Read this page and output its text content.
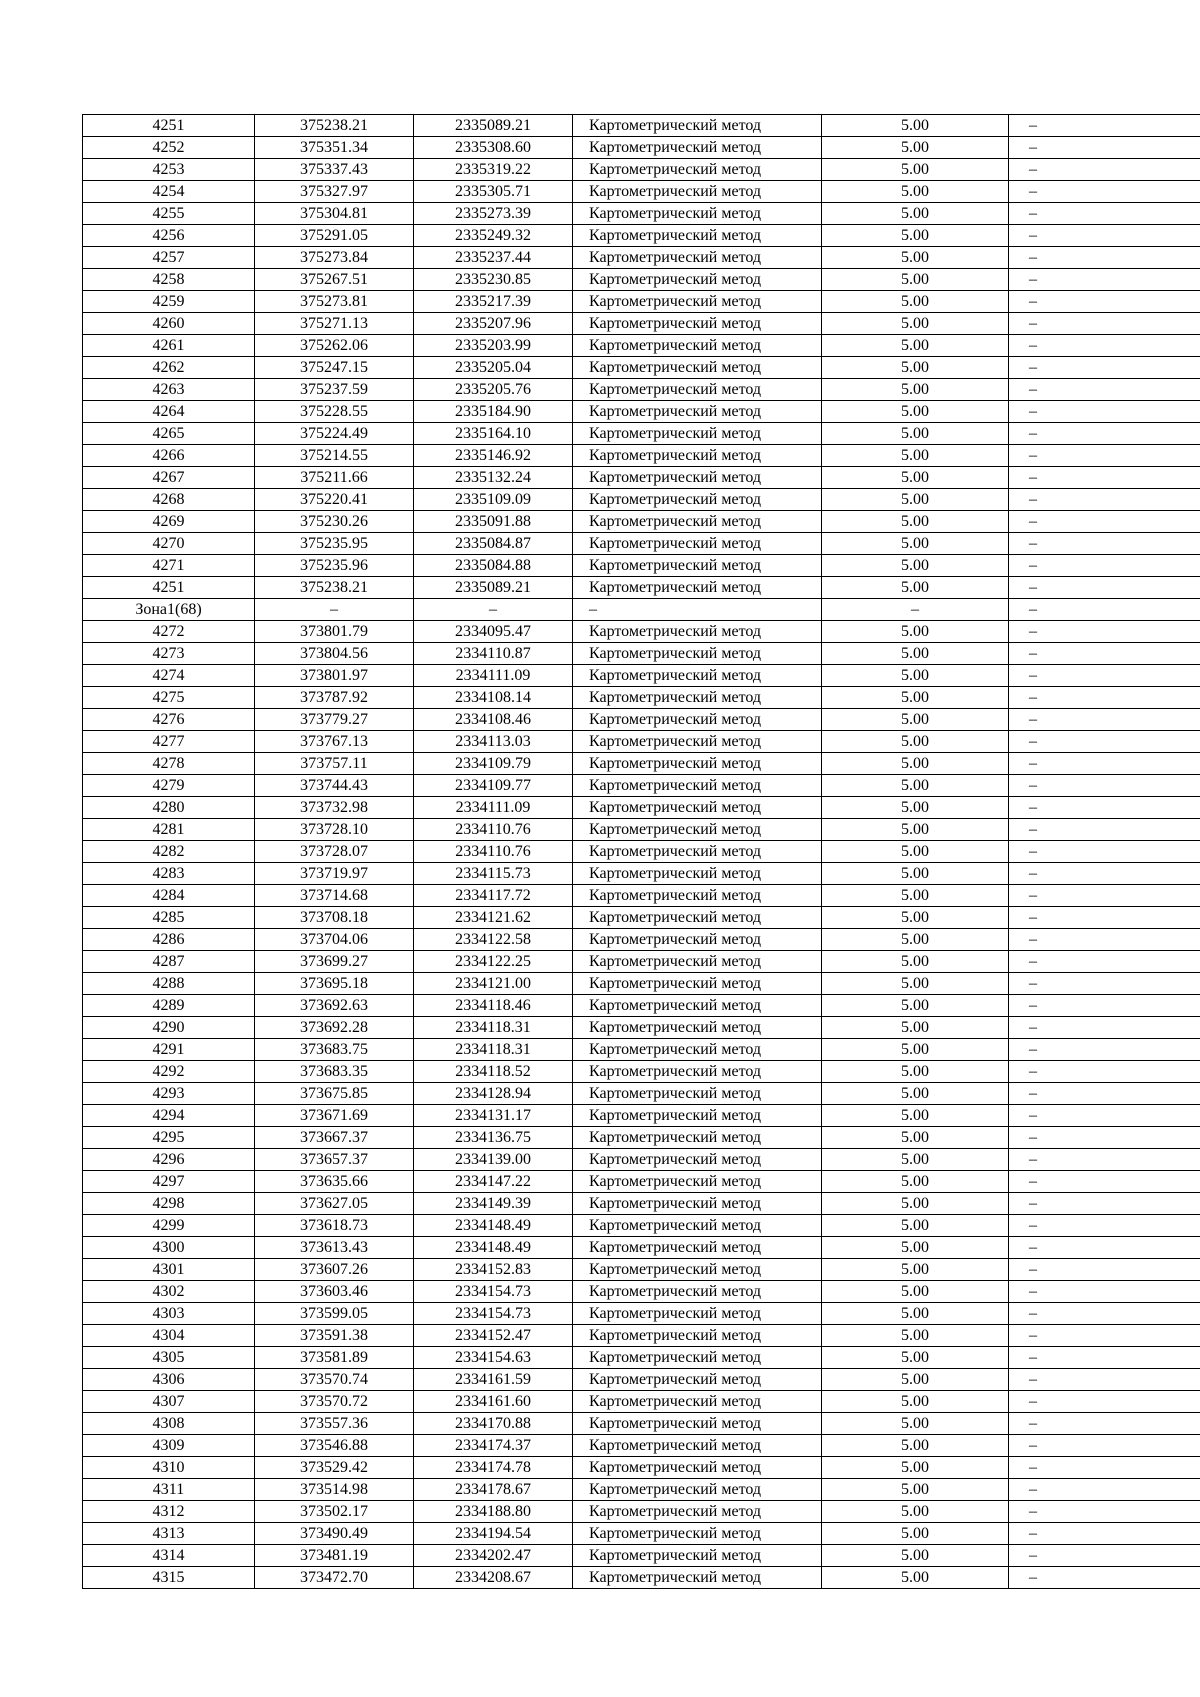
4251	375238.21	2335089.21	Картометрический метод	5.00	–
4252	375351.34	2335308.60	Картометрический метод	5.00	–
4253	375337.43	2335319.22	Картометрический метод	5.00	–
4254	375327.97	2335305.71	Картометрический метод	5.00	–
4255	375304.81	2335273.39	Картометрический метод	5.00	–
4256	375291.05	2335249.32	Картометрический метод	5.00	–
4257	375273.84	2335237.44	Картометрический метод	5.00	–
4258	375267.51	2335230.85	Картометрический метод	5.00	–
4259	375273.81	2335217.39	Картометрический метод	5.00	–
4260	375271.13	2335207.96	Картометрический метод	5.00	–
4261	375262.06	2335203.99	Картометрический метод	5.00	–
4262	375247.15	2335205.04	Картометрический метод	5.00	–
4263	375237.59	2335205.76	Картометрический метод	5.00	–
4264	375228.55	2335184.90	Картометрический метод	5.00	–
4265	375224.49	2335164.10	Картометрический метод	5.00	–
4266	375214.55	2335146.92	Картометрический метод	5.00	–
4267	375211.66	2335132.24	Картометрический метод	5.00	–
4268	375220.41	2335109.09	Картометрический метод	5.00	–
4269	375230.26	2335091.88	Картометрический метод	5.00	–
4270	375235.95	2335084.87	Картометрический метод	5.00	–
4271	375235.96	2335084.88	Картометрический метод	5.00	–
4251	375238.21	2335089.21	Картометрический метод	5.00	–
Зона1(68)	–	–	–	–	–
4272	373801.79	2334095.47	Картометрический метод	5.00	–
4273	373804.56	2334110.87	Картометрический метод	5.00	–
4274	373801.97	2334111.09	Картометрический метод	5.00	–
4275	373787.92	2334108.14	Картометрический метод	5.00	–
4276	373779.27	2334108.46	Картометрический метод	5.00	–
4277	373767.13	2334113.03	Картометрический метод	5.00	–
4278	373757.11	2334109.79	Картометрический метод	5.00	–
4279	373744.43	2334109.77	Картометрический метод	5.00	–
4280	373732.98	2334111.09	Картометрический метод	5.00	–
4281	373728.10	2334110.76	Картометрический метод	5.00	–
4282	373728.07	2334110.76	Картометрический метод	5.00	–
4283	373719.97	2334115.73	Картометрический метод	5.00	–
4284	373714.68	2334117.72	Картометрический метод	5.00	–
4285	373708.18	2334121.62	Картометрический метод	5.00	–
4286	373704.06	2334122.58	Картометрический метод	5.00	–
4287	373699.27	2334122.25	Картометрический метод	5.00	–
4288	373695.18	2334121.00	Картометрический метод	5.00	–
4289	373692.63	2334118.46	Картометрический метод	5.00	–
4290	373692.28	2334118.31	Картометрический метод	5.00	–
4291	373683.75	2334118.31	Картометрический метод	5.00	–
4292	373683.35	2334118.52	Картометрический метод	5.00	–
4293	373675.85	2334128.94	Картометрический метод	5.00	–
4294	373671.69	2334131.17	Картометрический метод	5.00	–
4295	373667.37	2334136.75	Картометрический метод	5.00	–
4296	373657.37	2334139.00	Картометрический метод	5.00	–
4297	373635.66	2334147.22	Картометрический метод	5.00	–
4298	373627.05	2334149.39	Картометрический метод	5.00	–
4299	373618.73	2334148.49	Картометрический метод	5.00	–
4300	373613.43	2334148.49	Картометрический метод	5.00	–
4301	373607.26	2334152.83	Картометрический метод	5.00	–
4302	373603.46	2334154.73	Картометрический метод	5.00	–
4303	373599.05	2334154.73	Картометрический метод	5.00	–
4304	373591.38	2334152.47	Картометрический метод	5.00	–
4305	373581.89	2334154.63	Картометрический метод	5.00	–
4306	373570.74	2334161.59	Картометрический метод	5.00	–
4307	373570.72	2334161.60	Картометрический метод	5.00	–
4308	373557.36	2334170.88	Картометрический метод	5.00	–
4309	373546.88	2334174.37	Картометрический метод	5.00	–
4310	373529.42	2334174.78	Картометрический метод	5.00	–
4311	373514.98	2334178.67	Картометрический метод	5.00	–
4312	373502.17	2334188.80	Картометрический метод	5.00	–
4313	373490.49	2334194.54	Картометрический метод	5.00	–
4314	373481.19	2334202.47	Картометрический метод	5.00	–
4315	373472.70	2334208.67	Картометрический метод	5.00	–
